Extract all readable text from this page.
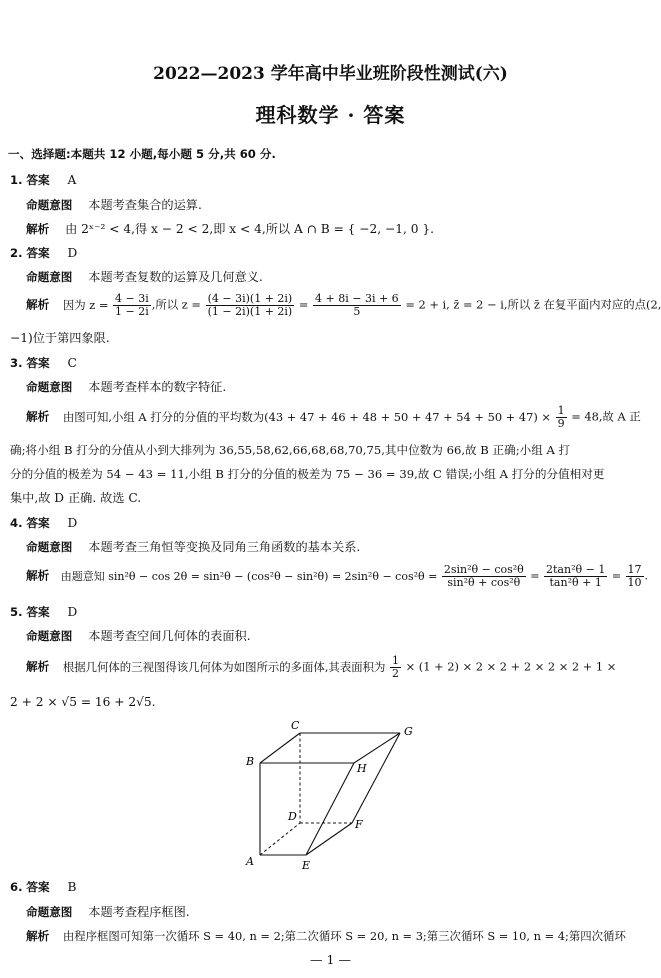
2022—2023 学年高中毕业班阶段性测试(六)
理科数学 · 答案
一、选择题:本题共 12 小题,每小题 5 分,共 60 分.
1. 答案 A
命题意图 本题考查集合的运算.
解析 由 2ˣ⁻² < 4,得 x − 2 < 2,即 x < 4,所以 A ∩ B = { −2, −1, 0 }.
2. 答案 D
命题意图 本题考查复数的运算及几何意义.
解析 因为 $z = \frac{4 - 3i}{1 - 2i}$ ,所以 $z = \frac{(4 - 3i)(1 + 2i)}{(1 - 2i)(1 + 2i)} = \frac{4 + 8i - 3i + 6}{5} = 2 + i$, z̄ = 2 − i,所以 z̄ 在复平面内对应的点(2,
−1)位于第四象限.
3. 答案 C
命题意图 本题考查样本的数字特征.
解析 由图可知,小组 A 打分的分值的平均数为$(43 + 47 + 46 + 48 + 50 + 47 + 54 + 50 + 47) \times \frac{1}{9} = 48$,故 A 正
确;将小组 B 打分的分值从小到大排列为 36,55,58,62,66,68,68,70,75,其中位数为 66,故 B 正确;小组 A 打
分的分值的极差为 54 − 43 = 11,小组 B 打分的分值的极差为 75 − 36 = 39,故 C 错误;小组 A 打分的分值相对更
集中,故 D 正确. 故选 C.
4. 答案 D
命题意图 本题考查三角恒等变换及同角三角函数的基本关系.
解析 由题意知 $\sin^2\theta - \cos 2\theta = \sin^2\theta - (\cos^2\theta - \sin^2\theta) = 2\sin^2\theta - \cos^2\theta = \frac{\text{2sin²θ − cos²θ}}{\text{sin²θ + cos²θ}} = \frac{\text{2tan²θ − 1}}{\text{tan²θ + 1}} = \frac{17}{10}$ .
5. 答案 D
命题意图 本题考查空间几何体的表面积.
解析 根据几何体的三视图得该几何体为如图所示的多面体,其表面积为 $\frac{1}{2} \times (1 + 2) \times 2 \times 2 + 2 \times 2 \times 2 + 1$ ×
2 + 2 × √5 = 16 + 2√5.
A
B
C
D
E
F
G
H
6. 答案 B
命题意图 本题考查程序框图.
解析 由程序框图可知第一次循环 S = 40, n = 2;第二次循环 S = 20, n = 3;第三次循环 S = 10, n = 4;第四次循环
— 1 —
